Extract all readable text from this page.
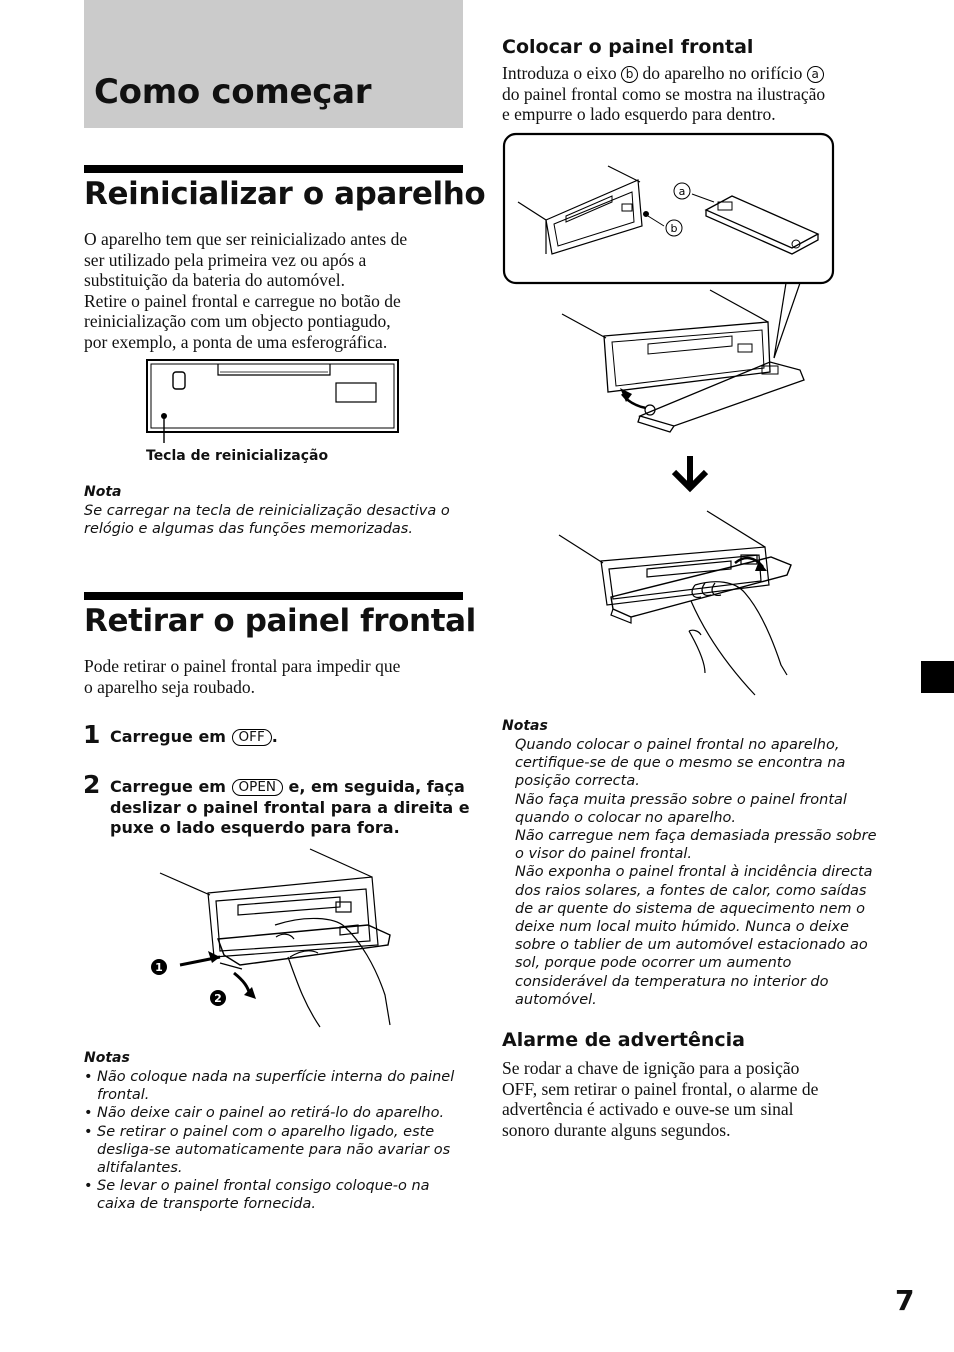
Como começar
Reinicializar o aparelho

O aparelho tem que ser reinicializado antes de

ser utilizado pela primeira vez ou após a

substituição da bateria do automóvel.

Retire o painel frontal e carregue no botão de

reinicialização com um objecto pontiagudo,

por exemplo, a ponta de uma esferográfica.

Tecla de reinicialização
Nota
Se carregar na tecla de reinicialização desactiva o
relógio e algumas das funções memorizadas.
Retirar o painel frontal

Pode retirar o painel frontal para impedir que

o aparelho seja roubado.

1 Carregue em OFF .
2 Carregue em OPEN e, em seguida, faça
deslizar o painel frontal para a direita e
puxe o lado esquerdo para fora.
1
2
Notas
• Não coloque nada na superfície interna do painel frontal.
• Não deixe cair o painel ao retirá-lo do aparelho.
• Se retirar o painel com o aparelho ligado, este desliga-se automaticamente para não avariar os altifalantes.
• Se levar o painel frontal consigo coloque-o na caixa de transporte fornecida.
Colocar o painel frontal

Introduza o eixo b do aparelho no orifício a

do painel frontal como se mostra na ilustração

e empurre o lado esquerdo para dentro.

a
b
Notas

Quando colocar o painel frontal no aparelho, certifique-se de que o mesmo se encontra na posição correcta.

Não faça muita pressão sobre o painel frontal quando o colocar no aparelho.

Não carregue nem faça demasiada pressão sobre o visor do painel frontal.

Não exponha o painel frontal à incidência directa dos raios solares, a fontes de calor, como saídas de ar quente do sistema de aquecimento nem o deixe num local muito húmido. Nunca o deixe sobre o tablier de um automóvel estacionado ao sol, porque pode ocorrer um aumento considerável da temperatura no interior do automóvel.

Alarme de advertência

Se rodar a chave de ignição para a posição

OFF, sem retirar o painel frontal, o alarme de

advertência é activado e ouve-se um sinal

sonoro durante alguns segundos.

7
